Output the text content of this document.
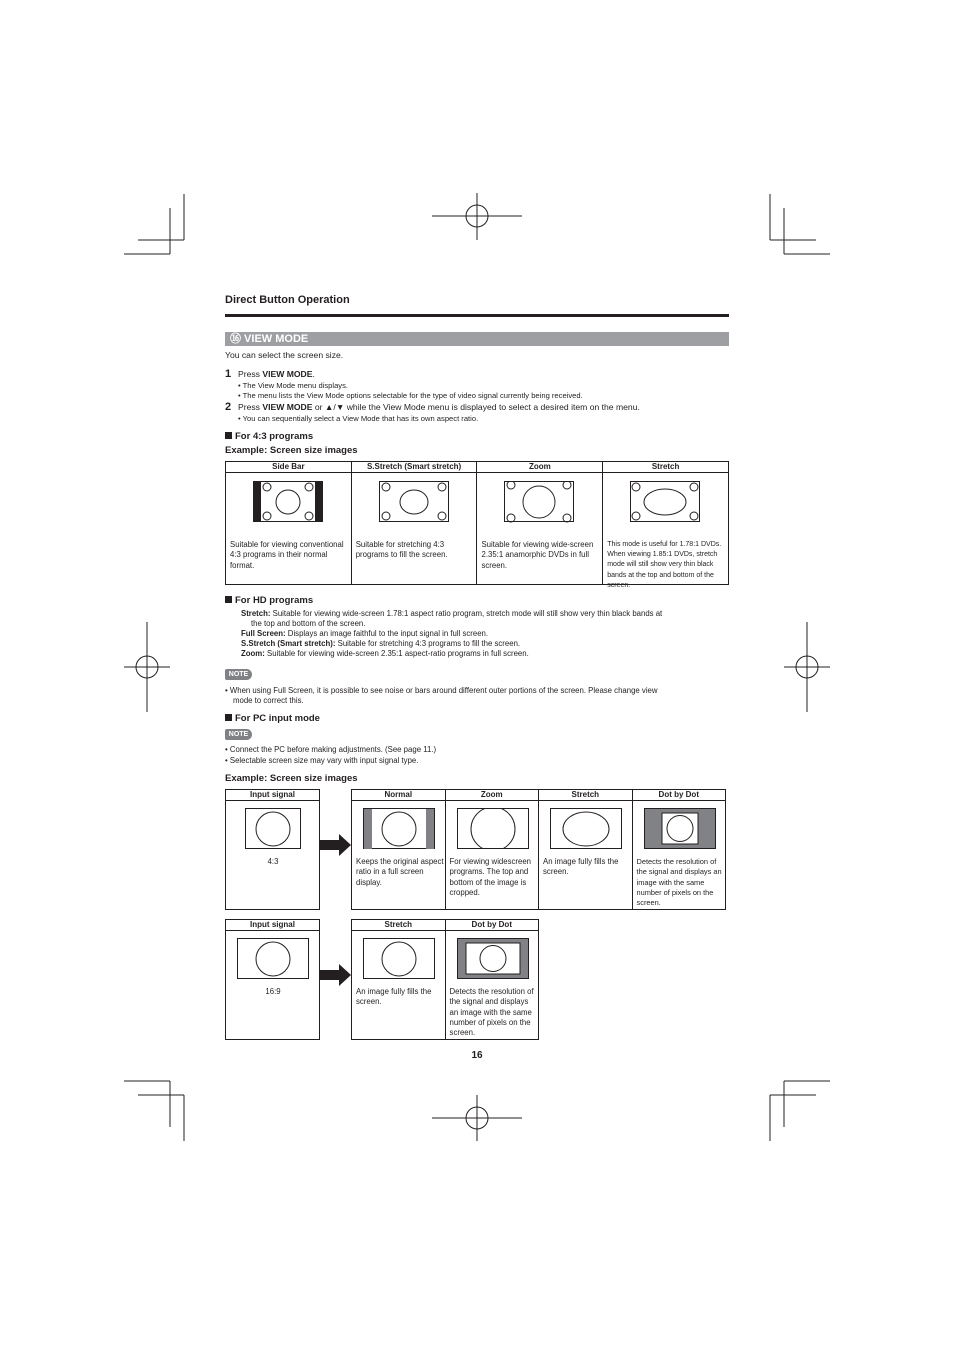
Direct Button Operation
⑯ VIEW MODE
You can select the screen size.
1 Press VIEW MODE.
• The View Mode menu displays.
• The menu lists the View Mode options selectable for the type of video signal currently being received.
2 Press VIEW MODE or ▲/▼ while the View Mode menu is displayed to select a desired item on the menu.
• You can sequentially select a View Mode that has its own aspect ratio.
For 4:3 programs
Example: Screen size images
Side Bar	S.Stretch (Smart stretch)	Zoom	Stretch

Suitable for viewing conventional 4:3 programs in their normal format.	Suitable for stretching 4:3 programs to fill the screen.	Suitable for viewing wide-screen 2.35:1 anamorphic DVDs in full screen.	This mode is useful for 1.78:1 DVDs. When viewing 1.85:1 DVDs, stretch mode will still show very thin black bands at the top and bottom of the screen.
For HD programs
Stretch: Suitable for viewing wide-screen 1.78:1 aspect ratio program, stretch mode will still show very thin black bands at
the top and bottom of the screen.
Full Screen: Displays an image faithful to the input signal in full screen.
S.Stretch (Smart stretch): Suitable for stretching 4:3 programs to fill the screen.
Zoom: Suitable for viewing wide-screen 2.35:1 aspect-ratio programs in full screen.
NOTE
• When using Full Screen, it is possible to see noise or bars around different outer portions of the screen. Please change view
mode to correct this.
For PC input mode
NOTE
• Connect the PC before making adjustments. (See page 11.)
• Selectable screen size may vary with input signal type.
Example: Screen size images
Input signal

4:3
Normal	Zoom	Stretch	Dot by Dot

Keeps the original aspect ratio in a full screen display.	For viewing widescreen programs. The top and bottom of the image is cropped.	An image fully fills the screen.	Detects the resolution of the signal and displays an image with the same number of pixels on the screen.
Input signal

16:9
Stretch	Dot by Dot

An image fully fills the screen.	Detects the resolution of the signal and displays an image with the same number of pixels on the screen.
16
